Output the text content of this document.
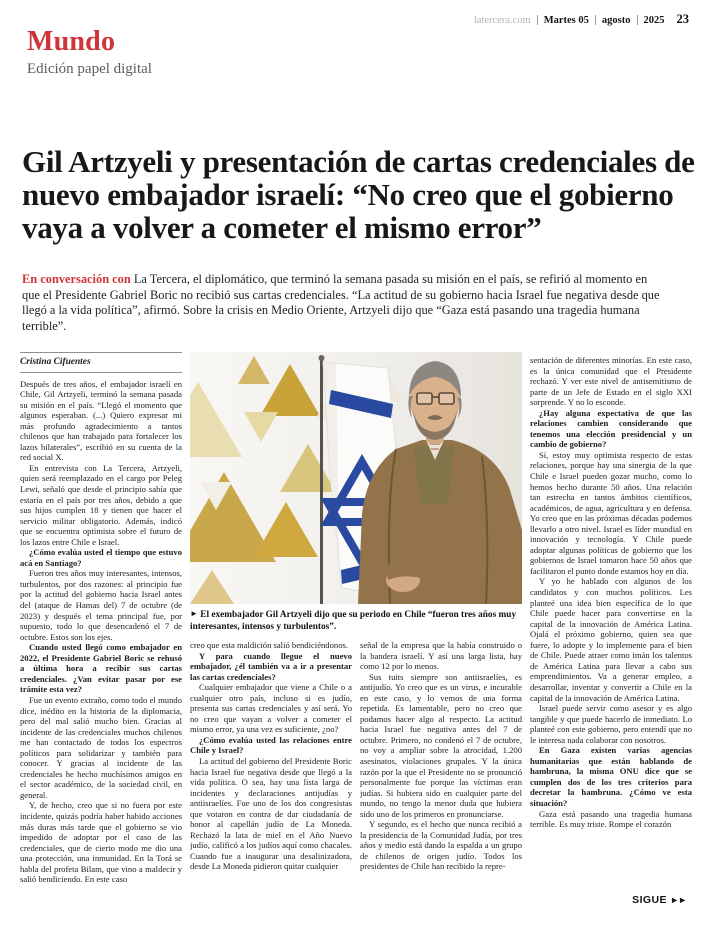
latercera.com Martes 05 agosto 2025 23
Mundo
Edición papel digital
Gil Artzyeli y presentación de cartas credenciales de nuevo embajador israelí: “No creo que el gobierno vaya a volver a cometer el mismo error”
En conversación con La Tercera, el diplomático, que terminó la semana pasada su misión en el país, se refirió al momento en que el Presidente Gabriel Boric no recibió sus cartas credenciales. “La actitud de su gobierno hacia Israel fue negativa desde que llegó a la vida política”, afirmó. Sobre la crisis en Medio Oriente, Artzyeli dijo que “Gaza está pasando una tragedia humana terrible”.
Cristina Cifuentes

Después de tres años, el embajador israelí en Chile, Gil Artzyeli, terminó la semana pasada su misión en el país. “Llegó el momento que algunos esperaban. (...) Quiero expresar mi más profundo agradecimiento a tantos chilenos que han trabajado para fortalecer los lazos bilaterales”, escribió en su cuenta de la red social X.

En entrevista con La Tercera, Artzyeli, quien será reemplazado en el cargo por Peleg Lewi, señaló que desde el principio sabía que estaría en el país por tres años, debido a que sus hijos cumplen 18 y tienen que hacer el servicio militar obligatorio. Además, indicó que se encuentra optimista sobre el futuro de los lazos entre Chile e Israel.

¿Cómo evalúa usted el tiempo que estuvo acá en Santiago?

Fueron tres años muy interesantes, intensos, turbulentos, por dos razones: al principio fue por la actitud del gobierno hacia Israel antes del (ataque de Hamas del) 7 de octubre (de 2023) y después el tema principal fue, por supuesto, todo lo que desencadenó el 7 de octubre. Estos son los ejes.

Cuando usted llegó como embajador en 2022, el Presidente Gabriel Boric se rehusó a última hora a recibir sus cartas credenciales. ¿Van evitar pasar por ese trámite esta vez?

Fue un evento extraño, como todo el mundo dice, inédito en la historia de la diplomacia, pero del mal salió mucho bien. Gracias al incidente de las credenciales muchos chilenos me han contactado de todos los espectros políticos para solidarizar y también para conocer. Y gracias al incidente de las credenciales he hecho muchísimos amigos en el sector académico, de la sociedad civil, en general.

Y, de hecho, creo que si no fuera por este incidente, quizás podría haber habido acciones más duras más tarde que el gobierno se vio impedido de adoptar por el caso de las credenciales, que de cierto modo me dio una una protección, una inmunidad. En la Torá se habla del profeta Bilam, que vino a maldecir y salió bendiciendo. En este caso

► El exembajador Gil Artzyeli dijo que su periodo en Chile “fueron tres años muy interesantes, intensos y turbulentos”.

creo que esta maldición salió bendiciéndonos.

Y para cuando llegue el nuevo embajador, ¿él también va a ir a presentar las cartas credenciales?

Cualquier embajador que viene a Chile o a cualquier otro país, incluso si es judío, presenta sus cartas credenciales y así será. Yo no creo que vayan a volver a cometer el mismo error, ya una vez es suficiente, ¿no?

¿Cómo evalúa usted las relaciones entre Chile y Israel?

La actitud del gobierno del Presidente Boric hacia Israel fue negativa desde que llegó a la vida política. O sea, hay una lista larga de incidentes y declaraciones antijudías y antiisraelíes. Fue uno de los dos congresistas que votaron en contra de dar ciudadanía de honor al capellán judío de La Moneda. Rechazó la lata de miel en el Año Nuevo judío, calificó a los judíos aquí como chacales. Cuando fue a inaugurar una desalinizadora, desde La Moneda pidieron quitar cualquier

señal de la empresa que la había construido o la bandera israelí. Y así una larga lista, hay como 12 por lo menos.

Sus tuits siempre son antiisraelíes, es antijudío. Yo creo que es un virus, e incurable en este caso, y lo vemos de una forma repetida. Es lamentable, pero no creo que podamos hacer algo al respecto. La actitud hacia Israel fue negativa antes del 7 de octubre. Primero, no condenó el 7 de octubre, no voy a ampliar sobre la atrocidad, 1.200 asesinatos, violaciones grupales. Y la única razón por la que el Presidente no se pronunció personalmente fue porque las víctimas eran judías. Si hubiera sido en cualquier parte del mundo, no tengo la menor duda que hubiera sido uno de los primeros en pronunciarse.

Y segundo, es el hecho que nunca recibió a la presidencia de la Comunidad Judía, por tres años y medio está dando la espalda a un grupo de chilenos de origen judío. Todos los presidentes de Chile han recibido la repre-

sentación de diferentes minorías. En este caso, es la única comunidad que el Presidente rechazó. Y ver este nivel de antisemitismo de parte de un Jefe de Estado en el siglo XXI sorprende. Y no lo esconde.

¿Hay alguna expectativa de que las relaciones cambien considerando que tenemos una elección presidencial y un cambio de gobierno?

Sí, estoy muy optimista respecto de estas relaciones, porque hay una sinergia de la que Chile e Israel pueden gozar mucho, como lo hemos hecho durante 50 años. Una relación tan estrecha en tantos ámbitos científicos, académicos, de agua, agricultura y en defensa. Yo creo que en las próximas décadas podemos llevarlo a otro nivel. Israel es líder mundial en innovación y tecnología. Y Chile puede adoptar algunas políticas de gobierno que los gobiernos de Israel tomaron hace 50 años que facilitaron el punto donde estamos hoy en día.

Y yo he hablado con algunos de los candidatos y con muchos políticos. Les planteé una idea bien específica de lo que Chile puede hacer para convertirse en la capital de la innovación de América Latina. Ojalá el próximo gobierno, quien sea que fuere, lo adopte y lo implemente para el bien de Chile. Puede atraer como imán los talentos de América Latina para llevar a cabo sus emprendimientos. Va a generar empleo, a desarrollar, inventar y convertir a Chile en la capital de la innovación de América Latina.

Israel puede servir como asesor y es algo tangible y que puede hacerlo de inmediato. Lo planteé con este gobierno, pero entendí que no le interesa nada colaborar con nosotros.

En Gaza existen varias agencias humanitarias que están hablando de hambruna, la misma ONU dice que se cumplen dos de los tres criterios para decretar la hambruna. ¿Cómo ve esta situación?

Gaza está pasando una tragedia humana terrible. Es muy triste. Rompe el corazón

SIGUE ►►
